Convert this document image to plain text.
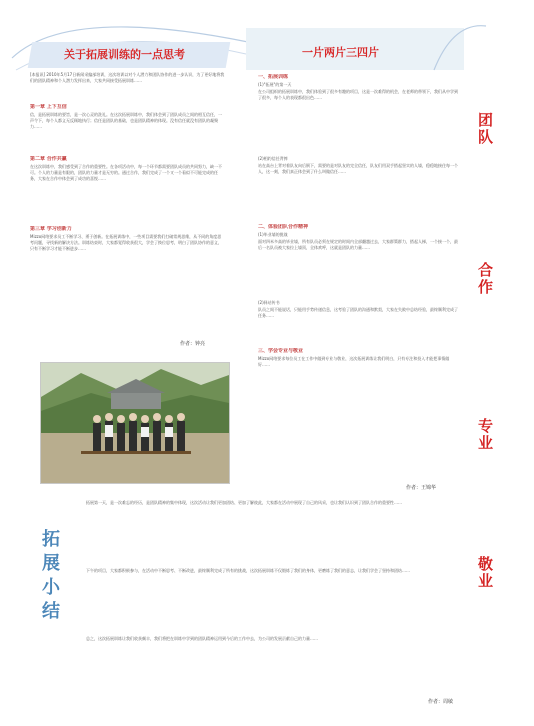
关于拓展训练的一点思考
[本报讯] 2010年5月17日新闻采编部培训，这次培训以对个人潜力和团队协作的进一步认识，为了更好地将我们的团队精神和个人潜力发挥出来，大家共同接受拓展训练……
第一章 上下互信
信，是拓展训练的要旨，是一次心灵的洗礼。在这次拓展训练中，我们体会到了团队成员之间的相互信任，一声令下，每个人都义无反顾地执行；信任是团队的基础，也是团队精神的体现。没有信任就没有团队的凝聚力……
第二章 合作共赢
在这次训练中，我们感受到了合作的重要性。在各项活动中，每一个环节都需要团队成员的共同努力，缺一不可。个人的力量是有限的，团队的力量才是无穷的。通过合作，我们完成了一个又一个看似不可能完成的任务，大家在合作中体会到了成功的喜悦……
第三章 学习创新力
Mizzo网络要求员工不断学习、勇于创新。在拓展训练中，一些项目需要我们打破常规思维，从不同的角度思考问题，寻找新的解决方法。训练结束时，大家都觉得收获很大，学会了换位思考，明白了团队协作的意义，只有不断学习才能不断进步……
作者：钟亮
一片两片三四片
一、拓展训练
(1)"拓展"的第一天
在公司组织的拓展训练中，我们体验到了很多有趣的项目，这是一次难得的机会，在老师的带领下，我们从中学到了很多，每个人的表现都很出色……
(2)相约信任背摔
站在高台上背对着队友向后倒下，需要的是对队友的完全信任，队友们用双手搭起坚实的人墙，稳稳地接住每一个人，这一刻，我们真正体会到了什么叫做信任……
二、体验团队合作精神
(1)毕业墙的挑战
面对四米多高的毕业墙，所有队员必须在规定的时间内全部翻越过去，大家群策群力，搭起人梯，一个接一个，最后一名队员被大家拉上墙顶，全体欢呼，这就是团队的力量……
(2)驿站传书
队员之间不能说话，只能用手势传递信息，这考验了团队的沟通和默契，大家在失败中总结经验，最终顺利完成了任务……
三、学会专业与敬业
Mizzo网络要求每位员工在工作中做到专业与敬业，这次拓展训练让我们明白，只有专注和投入才能把事情做好……
作者：王锦华
团队
合作
专业
敬业
拓展小结
拓展第一天，是一次难忘的经历，是团队精神的集中体现，这次活动让我们更加团结、更加了解彼此，大家都在活动中展现了自己的风采，也让我们认识到了团队合作的重要性……
下午的项目，大家都积极参与，在活动中不断思考、不断改进，最终顺利完成了所有的挑战，这次拓展训练不仅锻炼了我们的身体，更磨练了我们的意志，让我们学会了坚持和团结……
总之，这次拓展训练让我们收获颇丰，我们将把在训练中学到的团队精神运用到今后的工作中去，为公司的发展贡献自己的力量……
作者：周敏
